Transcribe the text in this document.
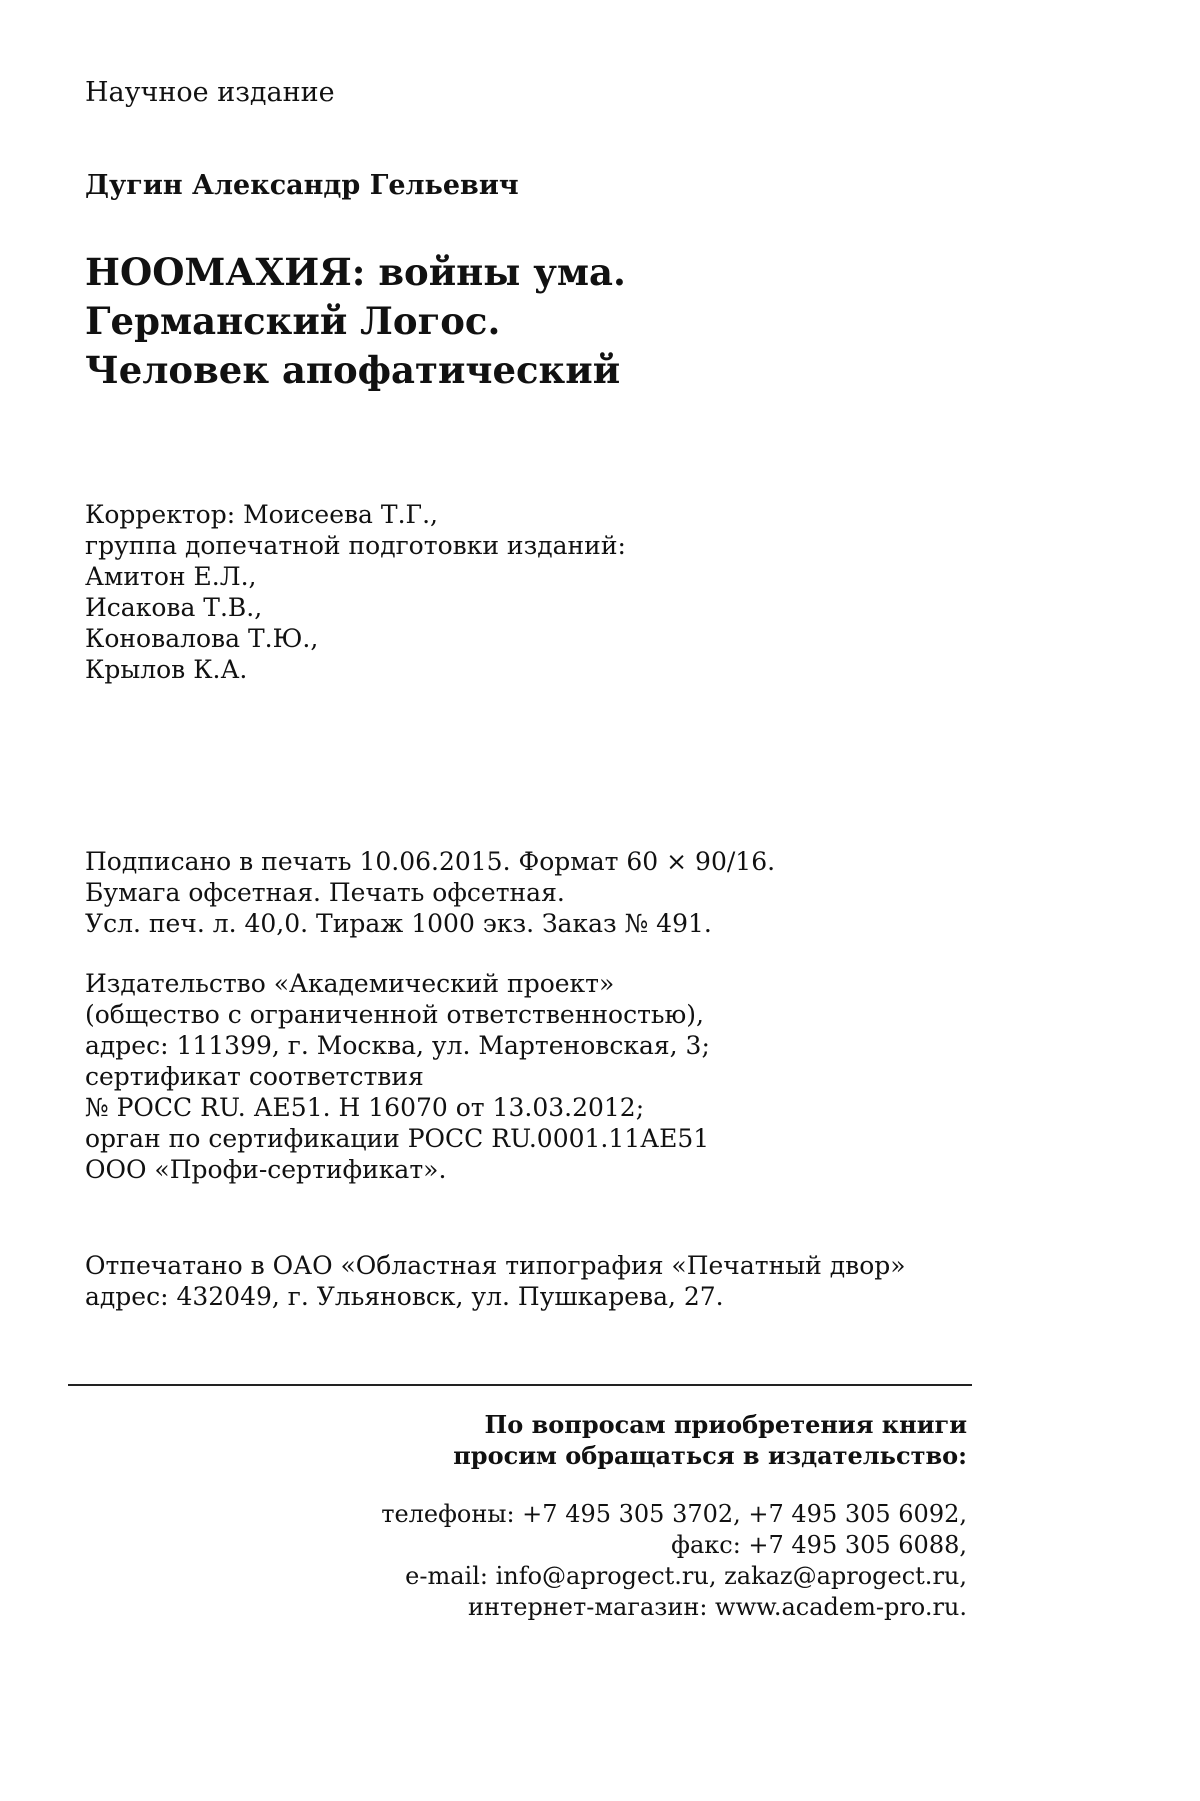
Научное издание
Дугин Александр Гельевич
НООМАХИЯ: войны ума.
Германский Логос.
Человек апофатический
Корректор: Моисеева Т.Г.,
группа допечатной подготовки изданий:
Амитон Е.Л.,
Исакова Т.В.,
Коновалова Т.Ю.,
Крылов К.А.
Подписано в печать 10.06.2015. Формат 60 × 90/16.
Бумага офсетная. Печать офсетная.
Усл. печ. л. 40,0. Тираж 1000 экз. Заказ № 491.
Издательство «Академический проект»
(общество с ограниченной ответственностью),
адрес: 111399, г. Москва, ул. Мартеновская, 3;
сертификат соответствия
№ РОСС RU. АЕ51. Н 16070 от 13.03.2012;
орган по сертификации РОСС RU.0001.11АЕ51
ООО «Профи-сертификат».
Отпечатано в ОАО «Областная типография «Печатный двор»
адрес: 432049, г. Ульяновск, ул. Пушкарева, 27.
По вопросам приобретения книги
просим обращаться в издательство:
телефоны: +7 495 305 3702, +7 495 305 6092,
факс: +7 495 305 6088,
e-mail: info@aprogect.ru, zakaz@aprogect.ru,
интернет-магазин: www.academ-pro.ru.
